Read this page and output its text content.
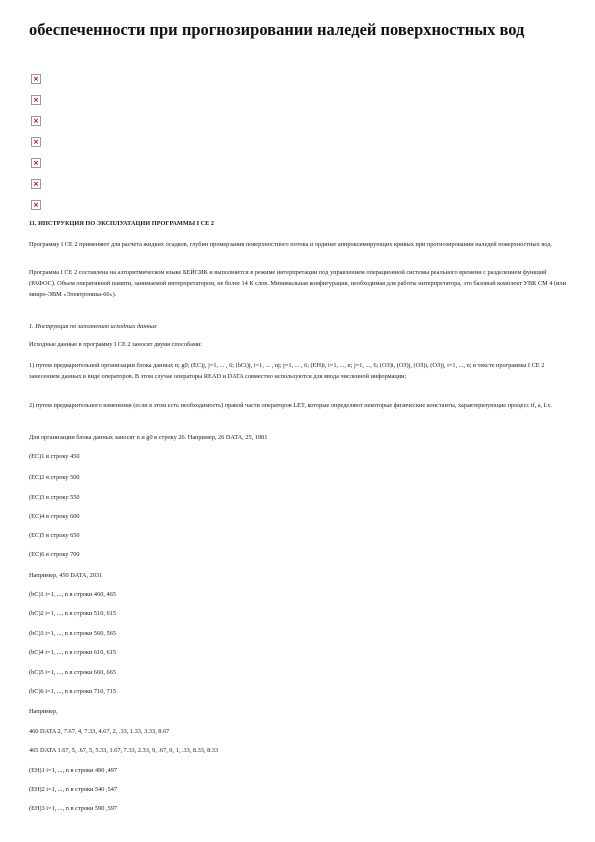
обеспеченности при прогнозировании наледей поверхностных вод
×
×
×
×
×
×
×

11. ИНСТРУКЦИЯ ПО ЭКСПЛУАТАЦИИ ПРОГРАММЫ I CE 2

Программу I CE 2 применяют для расчета жидких осадков, глубин промерзания поверхностного потока и ординат аппроксимирующих кривых при прогнозировании наледей поверхностных вод.

Программа I CE 2 составлена на алгоритмическом языке БЕЙСИК и выполняется в режиме интерпретации под управлением операционной системы реального времени с разделением функций (РАФОС). Объем оперативной памяти, занимаемой интерпретатором, не более 14 К слов. Минимальная конфигурация, необходимая для работы интерпретатора, это базовый комплект УВК СМ 4 (или микро-ЭВМ «Электроника-60»).

1. Инструкция по заполнению исходных данных

Исходные данные в программу I CE 2 заносят двумя способами:

1) путем предварительной организации блока данных n; g0; (ЕС)j, j=1, ... , 6; (bCi)j, i=1, ... , nj; j=1, ... , 6; (ЕН)i, i=1, ..., n; j=1, ..., 6; (ОЗ)i, (ОЗ)j, (ОЗ)i, (ОЗ)j, i=1, ..., n; в тексте программы I CE 2 занесением данных в виде операторов. В этом случае операторы READ и DATA совместно используются для ввода численной информации;

2) путем предварительного изменения (если в этом есть необходимость) правой части операторов LET, которые определяют некоторые физические константы, характеризующие процесс tf, a, Lv.

Для организации блока данных заносят n и g0 в строку 26. Например, 26 DATA, 25, 1981

(ЕС)1 в строку 450

(ЕС)2 в строку 500

(ЕС)3 в строку 550

(ЕС)4 в строку 600

(ЕС)5 в строку 650

(ЕС)6 в строку 700

Например, 450 DATA, 2031

(bC)1 i=1, ..., n в строки 460, 465

(bC)2 i=1, ..., n в строки 510, 615

(bC)3 i=1, ..., n в строки 560, 565

(bC)4 i=1, ..., n в строки 610, 615

(bC)5 i=1, ..., n в строки 660, 665

(bC)6 i=1, ..., n в строки 710, 715

Например,

460 DATA 2, 7.67, 4, 7.33, 4.67, 2, .33, 1.33, 3.33, 8.67

465 DATA 1.67, 5, .67, 5, 5.33, 1.67, 7.33, 2.33, 9, .67, 0, 1, .33, 8.33, 8.33

(ЕН)1 i=1, ..., n в строки 490 ,497

(ЕН)2 i=1, ..., n в строки 540 ,547

(ЕН)3 i=1, ..., n в строки 590 ,597
